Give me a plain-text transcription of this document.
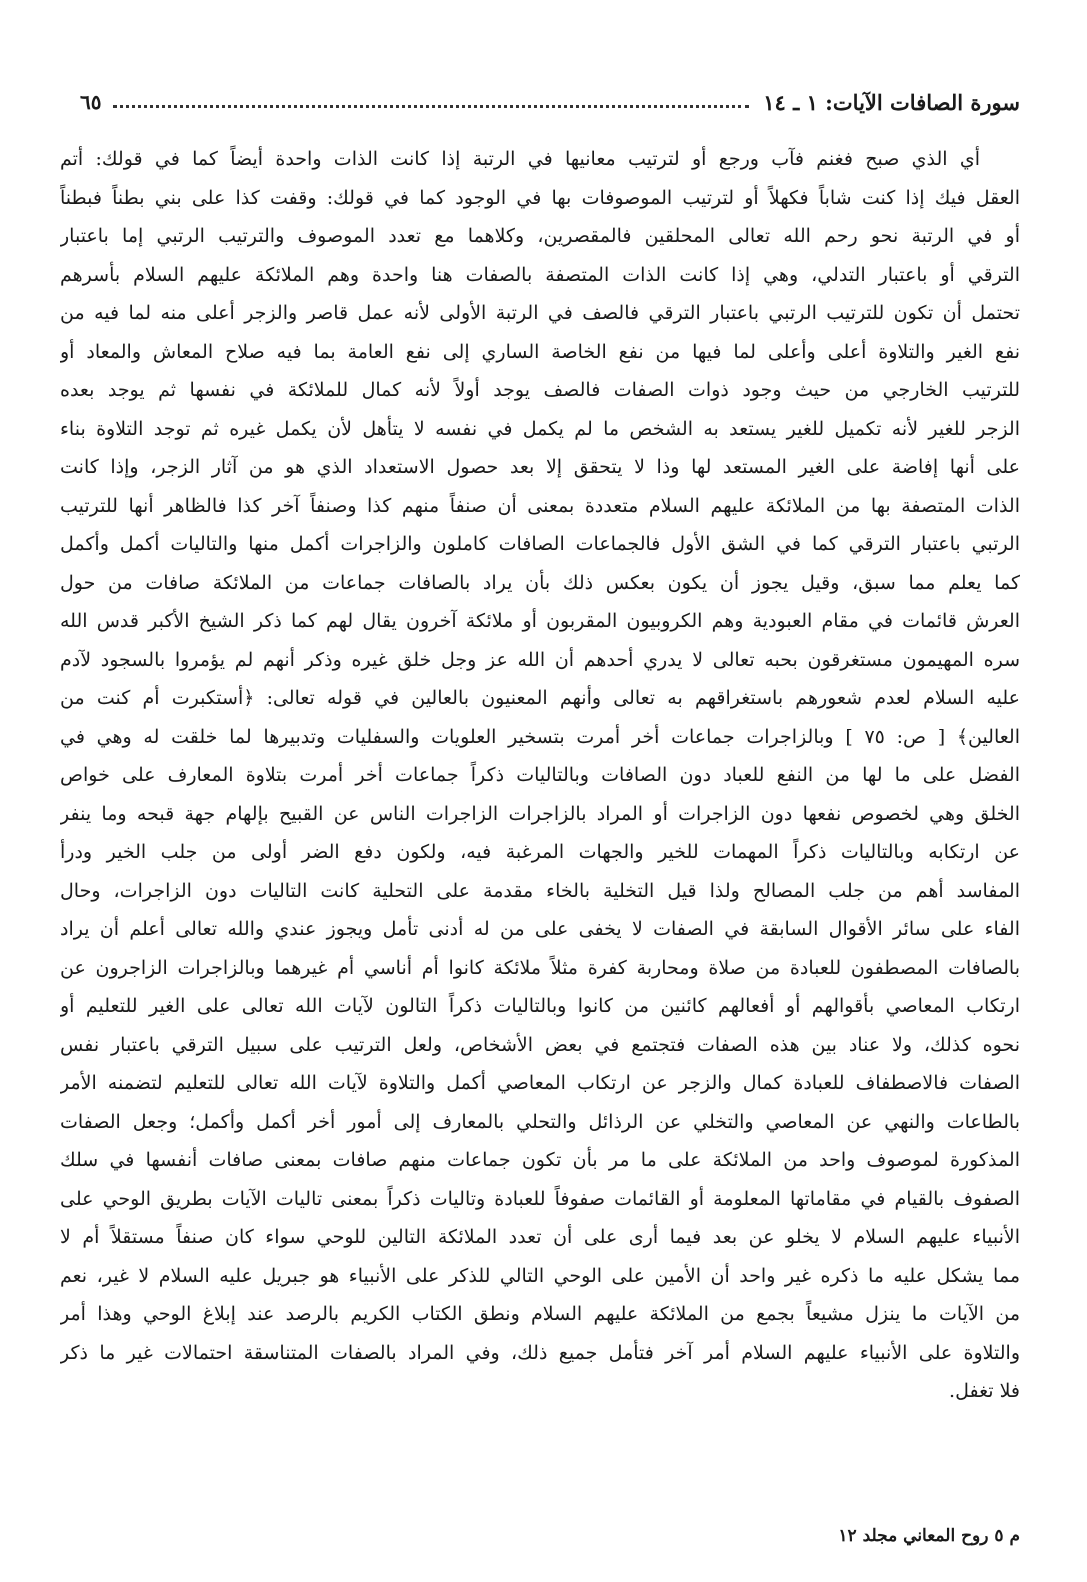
سورة الصافات الآيات: ١ ـ ١٤
٦٥
أي الذي صبح فغنم فآب ورجع أو لترتيب معانيها في الرتبة إذا كانت الذات واحدة أيضاً كما في قولك: أتم
العقل فيك إذا كنت شاباً فكهلاً أو لترتيب الموصوفات بها في الوجود كما في قولك: وقفت كذا على بني بطناً فبطناً
أو في الرتبة نحو رحم الله تعالى المحلقين فالمقصرين، وكلاهما مع تعدد الموصوف والترتيب الرتبي إما باعتبار
الترقي أو باعتبار التدلي، وهي إذا كانت الذات المتصفة بالصفات هنا واحدة وهم الملائكة عليهم السلام بأسرهم
تحتمل أن تكون للترتيب الرتبي باعتبار الترقي فالصف في الرتبة الأولى لأنه عمل قاصر والزجر أعلى منه لما فيه من
نفع الغير والتلاوة أعلى وأعلى لما فيها من نفع الخاصة الساري إلى نفع العامة بما فيه صلاح المعاش والمعاد أو
للترتيب الخارجي من حيث وجود ذوات الصفات فالصف يوجد أولاً لأنه كمال للملائكة في نفسها ثم يوجد بعده
الزجر للغير لأنه تكميل للغير يستعد به الشخص ما لم يكمل في نفسه لا يتأهل لأن يكمل غيره ثم توجد التلاوة بناء
على أنها إفاضة على الغير المستعد لها وذا لا يتحقق إلا بعد حصول الاستعداد الذي هو من آثار الزجر، وإذا كانت
الذات المتصفة بها من الملائكة عليهم السلام متعددة بمعنى أن صنفاً منهم كذا وصنفاً آخر كذا فالظاهر أنها للترتيب
الرتبي باعتبار الترقي كما في الشق الأول فالجماعات الصافات كاملون والزاجرات أكمل منها والتاليات أكمل وأكمل
كما يعلم مما سبق، وقيل يجوز أن يكون بعكس ذلك بأن يراد بالصافات جماعات من الملائكة صافات من حول
العرش قائمات في مقام العبودية وهم الكروبيون المقربون أو ملائكة آخرون يقال لهم كما ذكر الشيخ الأكبر قدس الله
سره المهيمون مستغرقون بحبه تعالى لا يدري أحدهم أن الله عز وجل خلق غيره وذكر أنهم لم يؤمروا بالسجود لآدم
عليه السلام لعدم شعورهم باستغراقهم به تعالى وأنهم المعنيون بالعالين في قوله تعالى: ﴿أستكبرت أم كنت من
العالين﴾ [ ص: ٧٥ ] وبالزاجرات جماعات أخر أمرت بتسخير العلويات والسفليات وتدبيرها لما خلقت له وهي في
الفضل على ما لها من النفع للعباد دون الصافات وبالتاليات ذكراً جماعات أخر أمرت بتلاوة المعارف على خواص
الخلق وهي لخصوص نفعها دون الزاجرات أو المراد بالزاجرات الزاجرات الناس عن القبيح بإلهام جهة قبحه وما ينفر
عن ارتكابه وبالتاليات ذكراً المهمات للخير والجهات المرغبة فيه، ولكون دفع الضر أولى من جلب الخير ودرأ
المفاسد أهم من جلب المصالح ولذا قيل التخلية بالخاء مقدمة على التحلية كانت التاليات دون الزاجرات، وحال
الفاء على سائر الأقوال السابقة في الصفات لا يخفى على من له أدنى تأمل ويجوز عندي والله تعالى أعلم أن يراد
بالصافات المصطفون للعبادة من صلاة ومحاربة كفرة مثلاً ملائكة كانوا أم أناسي أم غيرهما وبالزاجرات الزاجرون عن
ارتكاب المعاصي بأقوالهم أو أفعالهم كائنين من كانوا وبالتاليات ذكراً التالون لآيات الله تعالى على الغير للتعليم أو
نحوه كذلك، ولا عناد بين هذه الصفات فتجتمع في بعض الأشخاص، ولعل الترتيب على سبيل الترقي باعتبار نفس
الصفات فالاصطفاف للعبادة كمال والزجر عن ارتكاب المعاصي أكمل والتلاوة لآيات الله تعالى للتعليم لتضمنه الأمر
بالطاعات والنهي عن المعاصي والتخلي عن الرذائل والتحلي بالمعارف إلى أمور أخر أكمل وأكمل؛ وجعل الصفات
المذكورة لموصوف واحد من الملائكة على ما مر بأن تكون جماعات منهم صافات بمعنى صافات أنفسها في سلك
الصفوف بالقيام في مقاماتها المعلومة أو القائمات صفوفاً للعبادة وتاليات ذكراً بمعنى تاليات الآيات بطريق الوحي على
الأنبياء عليهم السلام لا يخلو عن بعد فيما أرى على أن تعدد الملائكة التالين للوحي سواء كان صنفاً مستقلاً أم لا
مما يشكل عليه ما ذكره غير واحد أن الأمين على الوحي التالي للذكر على الأنبياء هو جبريل عليه السلام لا غير، نعم
من الآيات ما ينزل مشيعاً بجمع من الملائكة عليهم السلام ونطق الكتاب الكريم بالرصد عند إبلاغ الوحي وهذا أمر
والتلاوة على الأنبياء عليهم السلام أمر آخر فتأمل جميع ذلك، وفي المراد بالصفات المتناسقة احتمالات غير ما ذكر
فلا تغفل.
م ٥ روح المعاني مجلد ١٢
